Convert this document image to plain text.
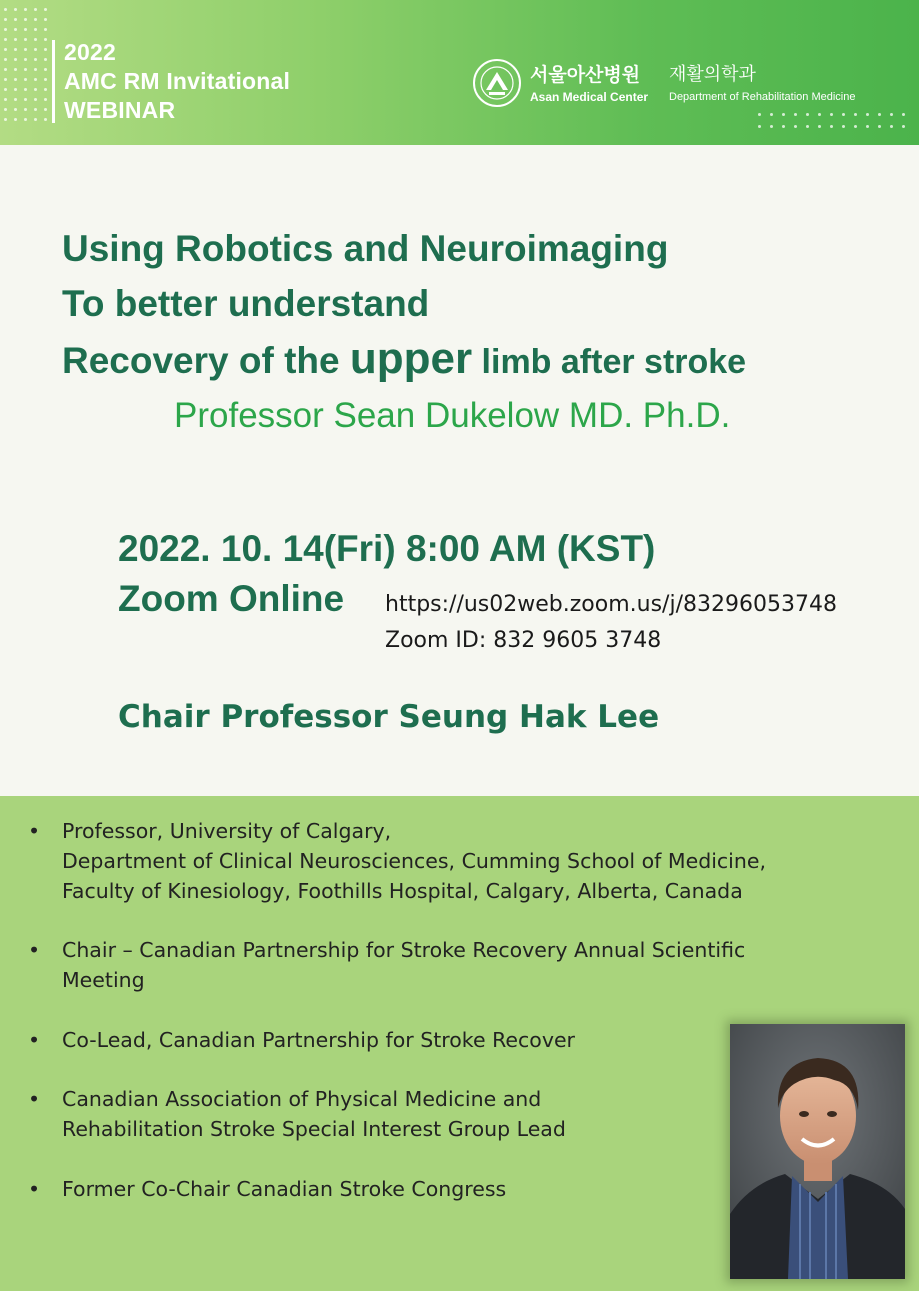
2022
AMC RM Invitational
WEBINAR
서울아산병원
Asan Medical Center
재활의학과
Department of Rehabilitation Medicine
Using Robotics and Neuroimaging
To better understand
Recovery of the upper limb after stroke
Professor Sean Dukelow MD. Ph.D.
2022. 10. 14(Fri) 8:00 AM (KST)
Zoom Online https://us02web.zoom.us/j/83296053748
Zoom ID: 832 9605 3748
Chair Professor Seung Hak Lee
• Professor, University of Calgary,
Department of Clinical Neurosciences, Cumming School of Medicine,
Faculty of Kinesiology, Foothills Hospital, Calgary, Alberta, Canada
• Chair – Canadian Partnership for Stroke Recovery Annual Scientific
Meeting
• Co-Lead, Canadian Partnership for Stroke Recover
• Canadian Association of Physical Medicine and
Rehabilitation Stroke Special Interest Group Lead
• Former Co-Chair Canadian Stroke Congress
